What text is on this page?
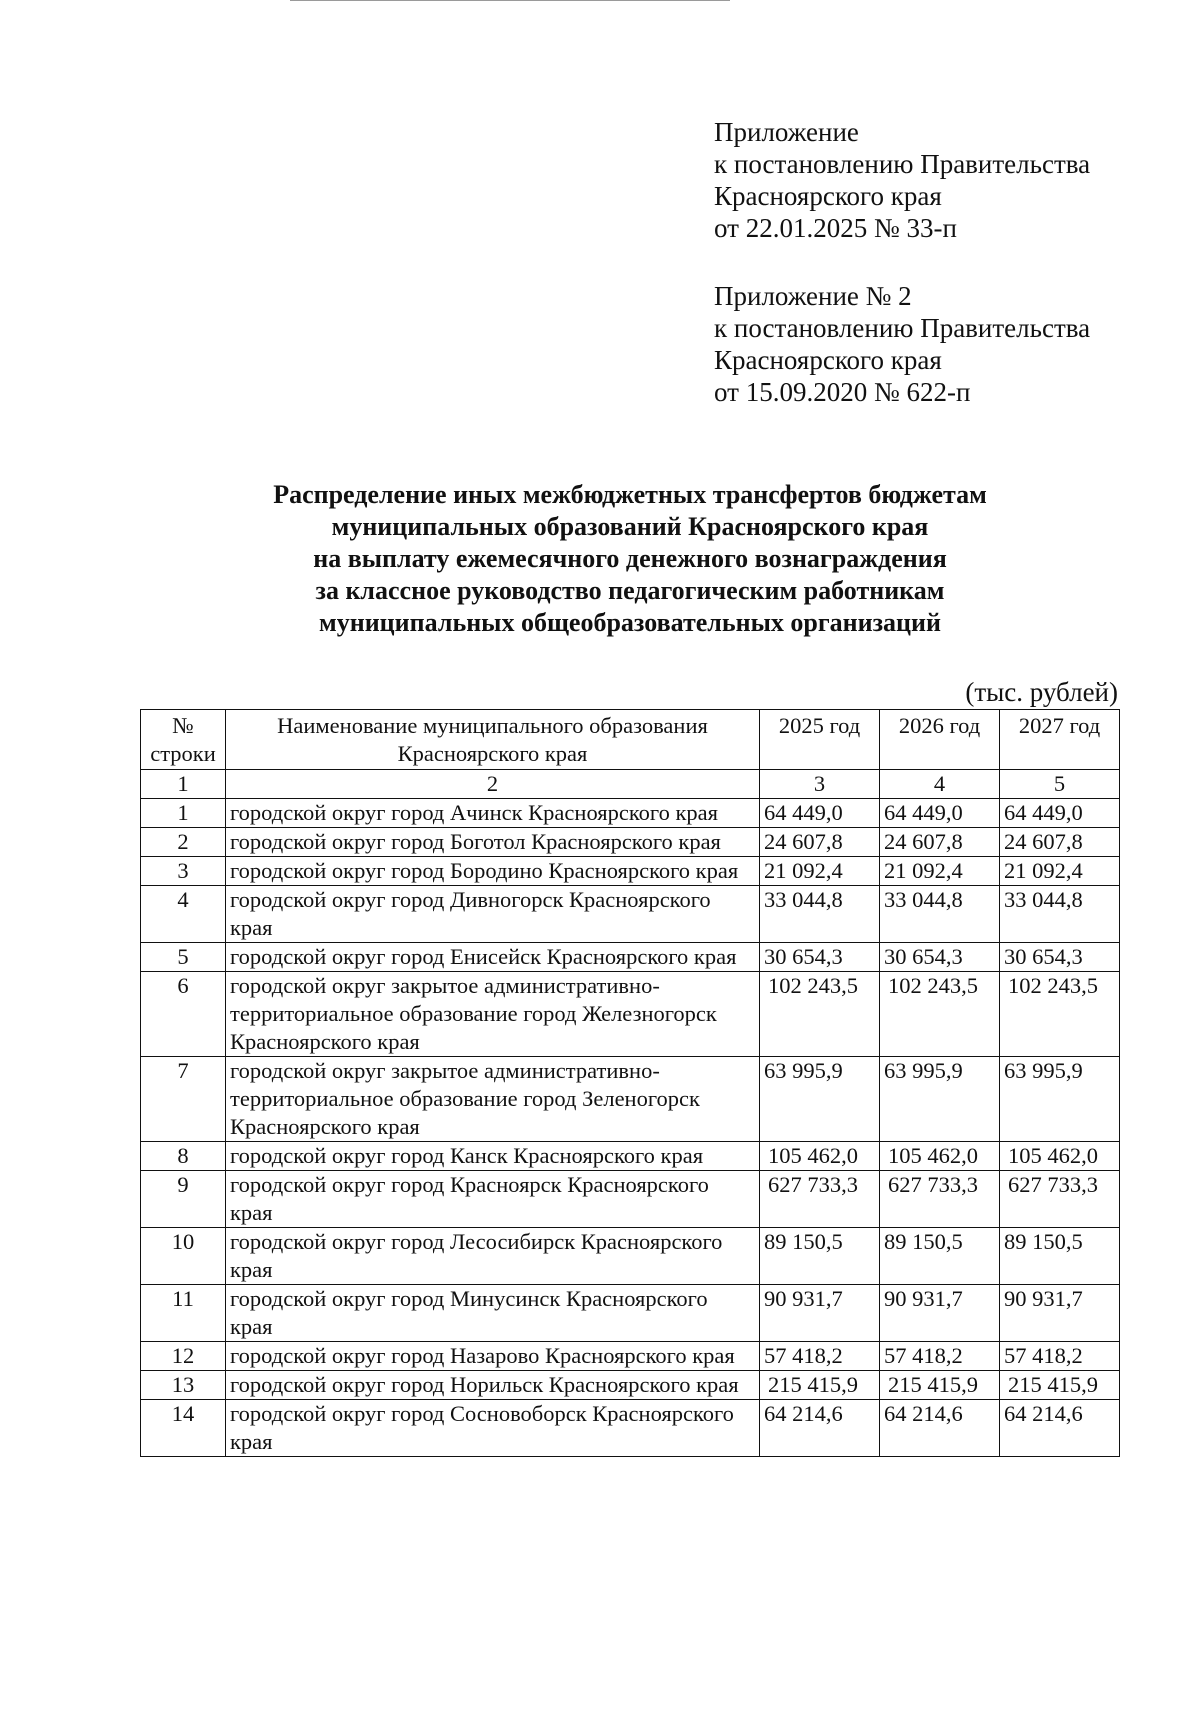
Приложение
к постановлению Правительства
Красноярского края
от 22.01.2025 № 33-п
Приложение № 2
к постановлению Правительства
Красноярского края
от 15.09.2020 № 622-п
Распределение иных межбюджетных трансфертов бюджетам
муниципальных образований Красноярского края
на выплату ежемесячного денежного вознаграждения
за классное руководство педагогическим работникам
муниципальных общеобразовательных организаций
(тыс. рублей)
№ строки	Наименование муниципального образования Красноярского края	2025 год	2026 год	2027 год
1	2	3	4	5
1	городской округ город Ачинск Красноярского края	64 449,0	64 449,0	64 449,0
2	городской округ город Боготол Красноярского края	24 607,8	24 607,8	24 607,8
3	городской округ город Бородино Красноярского края	21 092,4	21 092,4	21 092,4
4	городской округ город Дивногорск Красноярского края	33 044,8	33 044,8	33 044,8
5	городской округ город Енисейск Красноярского края	30 654,3	30 654,3	30 654,3
6	городской округ закрытое административно-территориальное образование город Железногорск Красноярского края	102 243,5	102 243,5	102 243,5
7	городской округ закрытое административно-территориальное образование город Зеленогорск Красноярского края	63 995,9	63 995,9	63 995,9
8	городской округ город Канск Красноярского края	105 462,0	105 462,0	105 462,0
9	городской округ город Красноярск Красноярского края	627 733,3	627 733,3	627 733,3
10	городской округ город Лесосибирск Красноярского края	89 150,5	89 150,5	89 150,5
11	городской округ город Минусинск Красноярского края	90 931,7	90 931,7	90 931,7
12	городской округ город Назарово Красноярского края	57 418,2	57 418,2	57 418,2
13	городской округ город Норильск Красноярского края	215 415,9	215 415,9	215 415,9
14	городской округ город Сосновоборск Красноярского края	64 214,6	64 214,6	64 214,6
